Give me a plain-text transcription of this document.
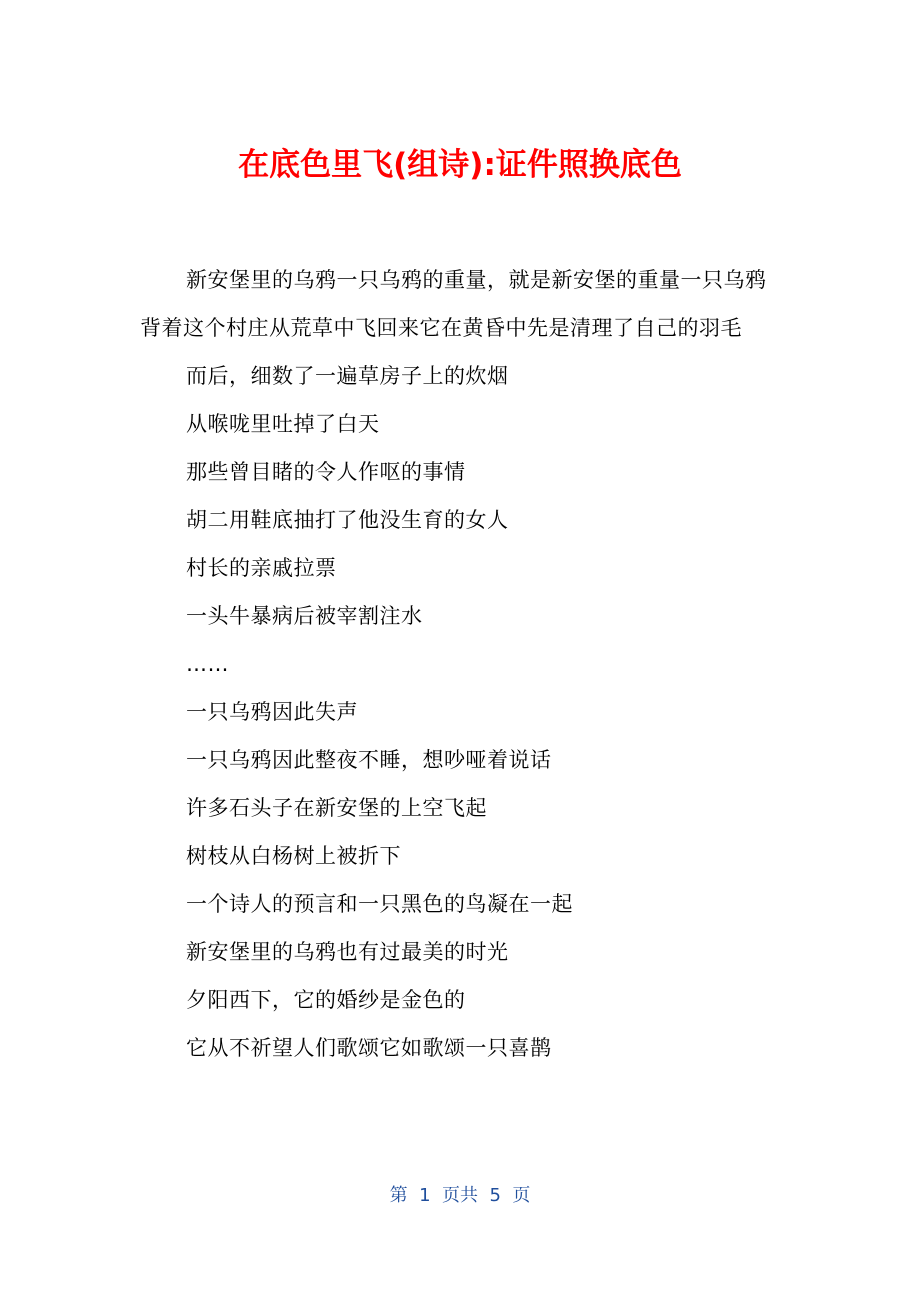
在底色里飞(组诗):证件照换底色

新安堡里的乌鸦一只乌鸦的重量，就是新安堡的重量一只乌鸦背着这个村庄从荒草中飞回来它在黄昏中先是清理了自己的羽毛

而后，细数了一遍草房子上的炊烟

从喉咙里吐掉了白天

那些曾目睹的令人作呕的事情

胡二用鞋底抽打了他没生育的女人

村长的亲戚拉票

一头牛暴病后被宰割注水

……

一只乌鸦因此失声

一只乌鸦因此整夜不睡，想吵哑着说话

许多石头子在新安堡的上空飞起

树枝从白杨树上被折下

一个诗人的预言和一只黑色的鸟凝在一起

新安堡里的乌鸦也有过最美的时光

夕阳西下，它的婚纱是金色的

它从不祈望人们歌颂它如歌颂一只喜鹊

第  1  页共  5  页
